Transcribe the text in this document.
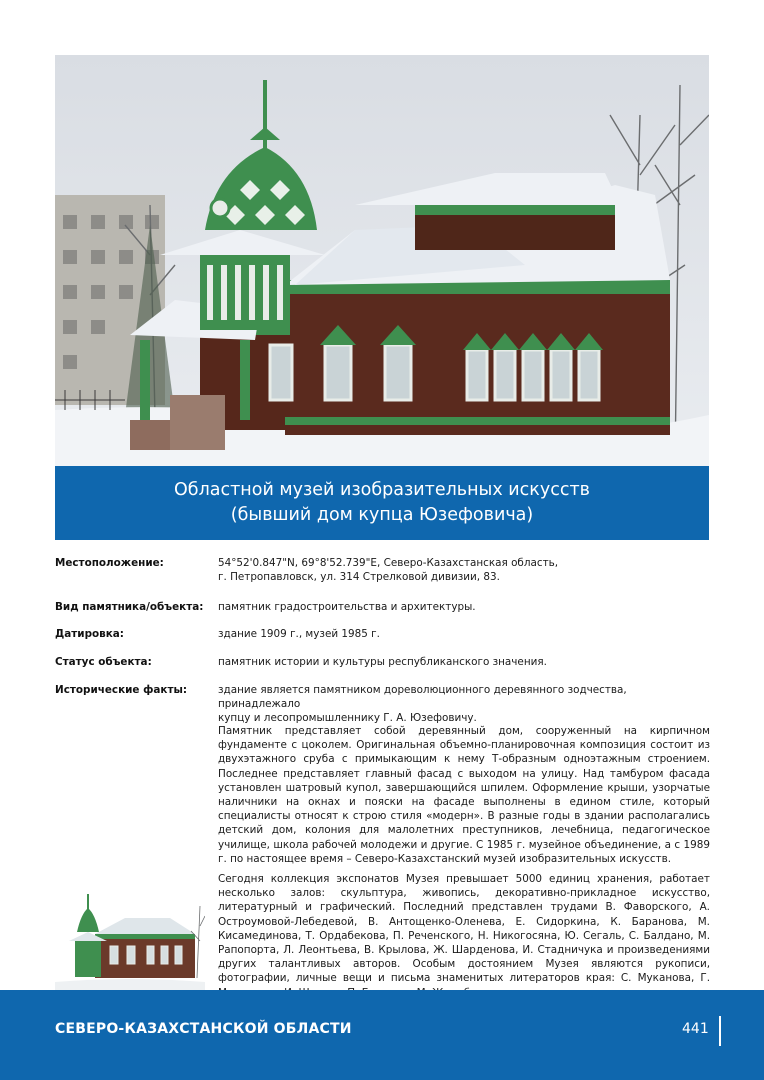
Областной музей изобразительных искусств
(бывший дом купца Юзефовича)
Местоположение:	54°52'0.847"N, 69°8'52.739"E, Северо-Казахстанская область,
г. Петропавловск, ул. 314 Стрелковой дивизии, 83.
Вид памятника/объекта:	памятник градостроительства и архитектуры.
Датировка:	здание 1909 г., музей 1985 г.
Статус объекта:	памятник истории и культуры республиканского значения.
Исторические факты:	здание является памятником дореволюционного деревянного зодчества, принадлежало
купцу и лесопромышленнику Г. А. Юзефовичу.
Памятник представляет собой деревянный дом, сооруженный на кирпичном фундаменте с цоколем. Оригинальная объемно-планировочная композиция состоит из двухэтажного сруба с примыкающим к нему Т-образным одноэтажным строением. Последнее представляет главный фасад с выходом на улицу. Над тамбуром фасада установлен шатровый купол, завершающийся шпилем. Оформление крыши, узорчатые наличники на окнах и пояски на фасаде выполнены в едином стиле, который специалисты относят к строю стиля «модерн». В разные годы в здании располагались детский дом, колония для малолетних преступников, лечебница, педагогическое училище, школа рабочей молодежи и другие. С 1985 г. музейное объединение, а с 1989 г. по настоящее время – Северо-Казахстанский музей изобразительных искусств.
Сегодня коллекция экспонатов Музея превышает 5000 единиц хранения, работает несколько залов: скульптура, живопись, декоративно-прикладное искусство, литературный и графический. Последний представлен трудами В. Фаворского, А. Остроумовой-Лебедевой, В. Антощенко-Оленева, Е. Сидоркина, К. Баранова, М. Кисамединова, Т. Ордабекова, П. Реченского, Н. Никогосяна, Ю. Сегаль, С. Балдано, М. Рапопорта, Л. Леонтьева, В. Крылова, Ж. Шарденова, И. Стадничука и произведениями других талантливых авторов. Особым достоянием Музея являются рукописи, фотографии, личные вещи и письма знаменитых литераторов края: С. Муканова, Г.
СЕВЕРО-КАЗАХСТАНСКОЙ ОБЛАСТИ	441
